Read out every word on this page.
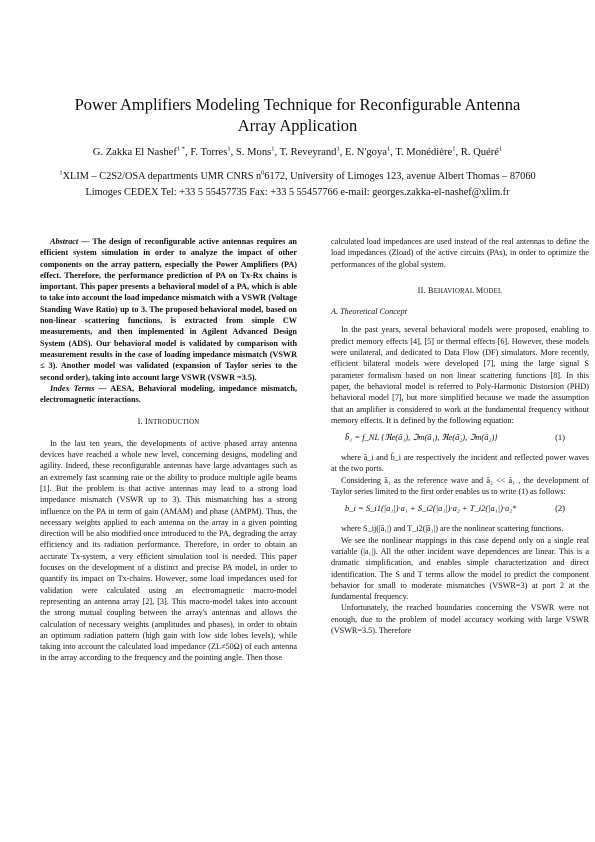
Power Amplifiers Modeling Technique for Reconfigurable Antenna
Array Application
G. Zakka El Nashef$^{1 *}$, F. Torres$^1$, S. Mons$^1$, T. Reveyrand$^1$, E. N'goya$^1$, T. Monédière$^1$, R. Quéré$^1$
$^1$XLIM – C2S2/OSA departments UMR CNRS $n^06172$, University of Limoges 123, avenue Albert Thomas – 87060 Limoges CEDEX Tel: +33 5 55457735 Fax: +33 5 55457766 e-mail: georges.zakka-el-nashef@xlim.fr

Abstract — The design of reconfigurable active antennas requires an efficient system simulation in order to analyze the impact of other components on the array pattern, especially the Power Amplifiers (PA) effect. Therefore, the performance prediction of PA on Tx-Rx chains is important. This paper presents a behavioral model of a PA, which is able to take into account the load impedance mismatch with a VSWR (Voltage Standing Wave Ratio) up to 3. The proposed behavioral model, based on non-linear scattering functions, is extracted from simple CW measurements, and then implemented in Agilent Advanced Design System (ADS). Our behavioral model is validated by comparison with measurement results in the case of loading impedance mismatch (VSWR ≤ 3). Another model was validated (expansion of Taylor series to the second order), taking into account large VSWR (VSWR =3.5).

Index Terms — AESA, Behavioral modeling, impedance mismatch, electromagnetic interactions.

I. INTRODUCTION

In the last ten years, the developments of active phased array antenna devices have reached a whole new level, concerning designs, modeling and agility. Indeed, these reconfigurable antennas have large advantages such as an extremely fast scanning rate or the ability to produce multiple agile beams [1]. But the problem is that active antennas may lead to a strong load impedance mismatch (VSWR up to 3). This mismatching has a strong influence on the PA in term of gain (AMAM) and phase (AMPM). Thus, the necessary weights applied to each antenna on the array in a given pointing direction will be also modified once introduced to the PA, degrading the array efficiency and its radiation performance. Therefore, in order to obtain an accurate Tx-system, a very efficient simulation tool is needed. This paper focuses on the development of a distinct and precise PA model, in order to quantify its impact on Tx-chains. However, some load impedances used for validation were calculated using an electromagnetic macro-model representing an antenna array [2], [3]. This macro-model takes into account the strong mutual coupling between the array's antennas and allows the calculation of necessary weights (amplitudes and phases), in order to obtain an optimum radiation pattern (high gain with low side lobes levels), while taking into account the calculated load impedance (ZL≠50Ω) of each antenna in the array according to the frequency and the pointing angle. Then those

calculated load impedances are used instead of the real antennas to define the load impedances (Zload) of the active circuits (PAs), in order to optimize the performances of the global system.

II. BEHAVIORAL MODEL
A. Theoretical Concept

In the past years, several behavioral models were proposed, enabling to predict memory effects [4], [5] or thermal effects [6]. However, these models were unilateral, and dedicated to Data Flow (DF) simulators. More recently, efficient bilateral models were developed [7], using the large signal S parameter formalism based on non linear scattering functions [8]. In this paper, the behavioral model is referred to Poly-Harmonic Distorsion (PHD) behavioral model [7], but more simplified because we made the assumption that an amplifier is considered to work at the fundamental frequency without memory effects. It is defined by the following equation:

b̃₁ = f_NL {ℜe(ã₁), ℑm(ã₁), ℜe(ã₂), ℑm(ã₂)}	(1)

where ã_i and b̃_i are respectively the incident and reflected power waves at the two ports.

Considering ã₁ as the reference wave and ã₂ << ã₁ , the development of Taylor series limited to the first order enables us to write (1) as follows:

b_i = S_i1(|a₁|)·a₁ + S_i2(|a₁|)·a₂ + T_i2(|a₁|)·a₂*	(2)

where S_ij(|ã₁|) and T_i2(|ã₁|) are the nonlinear scattering functions.

We see the nonlinear mappings in this case depend only on a single real variable (|a₁|). All the other incident wave dependences are linear. This is a dramatic simplification, and enables simple characterization and direct identification. The S and T terms allow the model to predict the component behavior for small to moderate mismatches (VSWR=3) at port 2 at the fundamental frequency.

Unfortunately, the reached boundaries concerning the VSWR were not enough, due to the problem of model accuracy working with large VSWR (VSWR=3.5). Therefore
